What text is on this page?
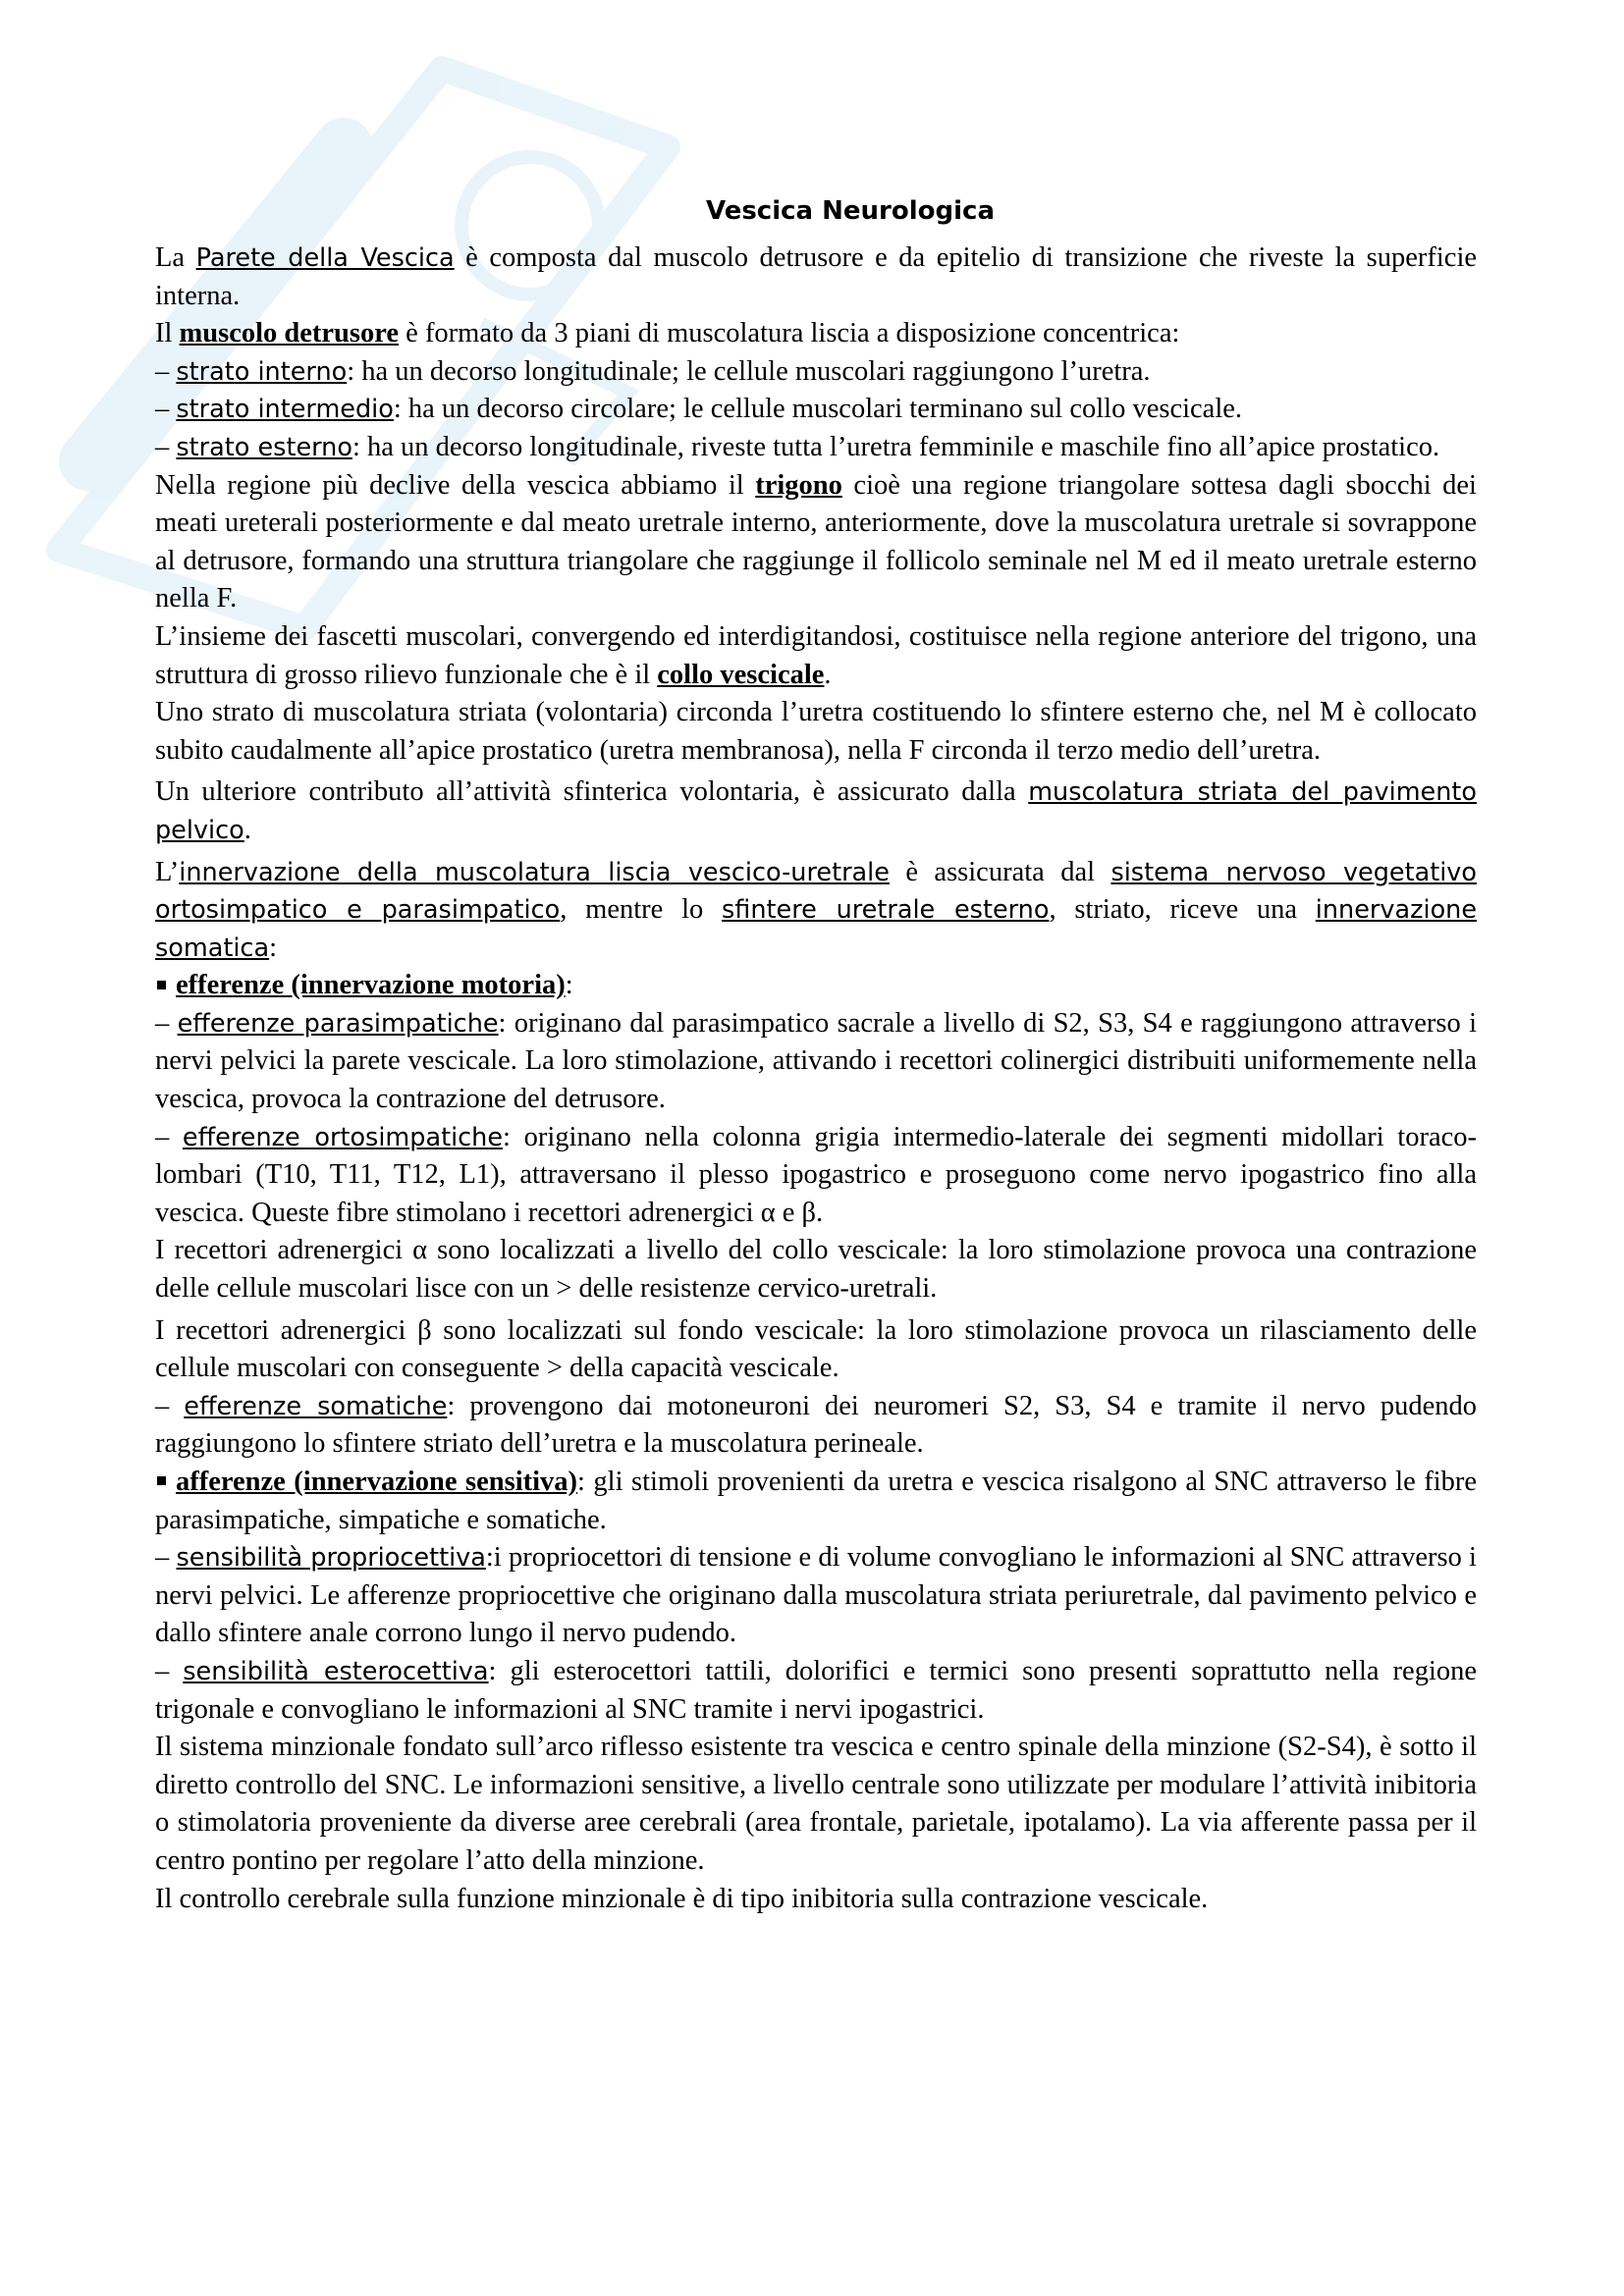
Vescica Neurologica

La Parete della Vescica è composta dal muscolo detrusore e da epitelio di transizione che riveste la superficie interna.

Il muscolo detrusore è formato da 3 piani di muscolatura liscia a disposizione concentrica:

– strato interno: ha un decorso longitudinale; le cellule muscolari raggiungono l’uretra.

– strato intermedio: ha un decorso circolare; le cellule muscolari terminano sul collo vescicale.

– strato esterno: ha un decorso longitudinale, riveste tutta l’uretra femminile e maschile fino all’apice prostatico.

Nella regione più declive della vescica abbiamo il trigono cioè una regione triangolare sottesa dagli sbocchi dei meati ureterali posteriormente e dal meato uretrale interno, anteriormente, dove la muscolatura uretrale si sovrappone al detrusore, formando una struttura triangolare che raggiunge il follicolo seminale nel M ed il meato uretrale esterno nella F.

L’insieme dei fascetti muscolari, convergendo ed interdigitandosi, costituisce nella regione anteriore del trigono, una struttura di grosso rilievo funzionale che è il collo vescicale.

Uno strato di muscolatura striata (volontaria) circonda l’uretra costituendo lo sfintere esterno che, nel M è collocato subito caudalmente all’apice prostatico (uretra membranosa), nella F circonda il terzo medio dell’uretra.

Un ulteriore contributo all’attività sfinterica volontaria, è assicurato dalla muscolatura striata del pavimento pelvico.

L’innervazione della muscolatura liscia vescico-uretrale è assicurata dal sistema nervoso vegetativo ortosimpatico e parasimpatico, mentre lo sfintere uretrale esterno, striato, riceve una innervazione somatica:

efferenze (innervazione motoria):

– efferenze parasimpatiche: originano dal parasimpatico sacrale a livello di S2, S3, S4 e raggiungono attraverso i nervi pelvici la parete vescicale. La loro stimolazione, attivando i recettori colinergici distribuiti uniformemente nella vescica, provoca la contrazione del detrusore.

– efferenze ortosimpatiche: originano nella colonna grigia intermedio-laterale dei segmenti midollari toraco-lombari (T10, T11, T12, L1), attraversano il plesso ipogastrico e proseguono come nervo ipogastrico fino alla vescica. Queste fibre stimolano i recettori adrenergici α e β.

I recettori adrenergici α sono localizzati a livello del collo vescicale: la loro stimolazione provoca una contrazione delle cellule muscolari lisce con un > delle resistenze cervico-uretrali.

I recettori adrenergici β sono localizzati sul fondo vescicale: la loro stimolazione provoca un rilasciamento delle cellule muscolari con conseguente > della capacità vescicale.

– efferenze somatiche: provengono dai motoneuroni dei neuromeri S2, S3, S4 e tramite il nervo pudendo raggiungono lo sfintere striato dell’uretra e la muscolatura perineale.

afferenze (innervazione sensitiva): gli stimoli provenienti da uretra e vescica risalgono al SNC attraverso le fibre parasimpatiche, simpatiche e somatiche.

– sensibilità propriocettiva:i propriocettori di tensione e di volume convogliano le informazioni al SNC attraverso i nervi pelvici. Le afferenze propriocettive che originano dalla muscolatura striata periuretrale, dal pavimento pelvico e dallo sfintere anale corrono lungo il nervo pudendo.

– sensibilità esterocettiva: gli esterocettori tattili, dolorifici e termici sono presenti soprattutto nella regione trigonale e convogliano le informazioni al SNC tramite i nervi ipogastrici.

Il sistema minzionale fondato sull’arco riflesso esistente tra vescica e centro spinale della minzione (S2-S4), è sotto il diretto controllo del SNC. Le informazioni sensitive, a livello centrale sono utilizzate per modulare l’attività inibitoria o stimolatoria proveniente da diverse aree cerebrali (area frontale, parietale, ipotalamo). La via afferente passa per il centro pontino per regolare l’atto della minzione.

Il controllo cerebrale sulla funzione minzionale è di tipo inibitoria sulla contrazione vescicale.
